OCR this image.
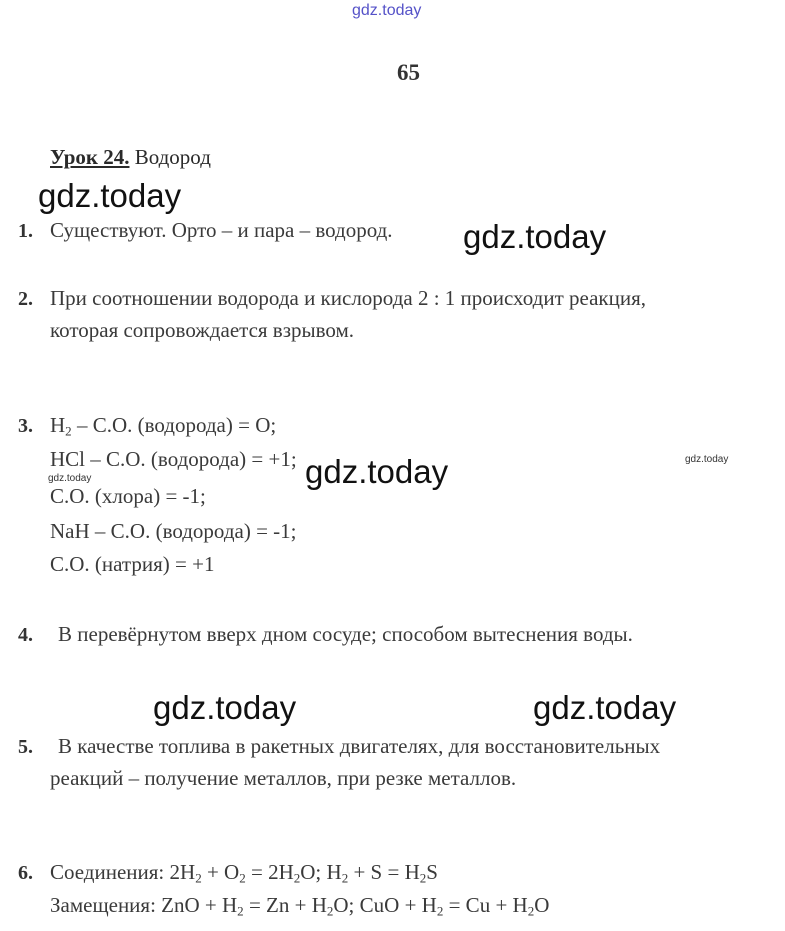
gdz.today
65
Урок 24. Водород
1. Существуют. Орто – и пара – водород.
2. При соотношении водорода и кислорода 2 : 1 происходит реакция,
которая сопровождается взрывом.
3. $H_2 - С.О$. (водорода) = О;
HCl – С.О. (водорода) = +1;
С.О. (хлора) = -1;
NaH – С.О. (водорода) = -1;
С.О. (натрия) = +1
4. В перевёрнутом вверх дном сосуде; способом вытеснения воды.
5. В качестве топлива в ракетных двигателях, для восстановительных
реакций – получение металлов, при резке металлов.
6. Соединения: $2H_2 + O_2 = 2H_2O$; $H_2 + S = H_2S$
Замещения: ZnO + $H_2 = Zn + H_2O$; CuO + $H_2 = Cu + H_2O$
gdz.today
gdz.today
gdz.today
gdz.today	gdz.today
gdz.today
gdz.today
